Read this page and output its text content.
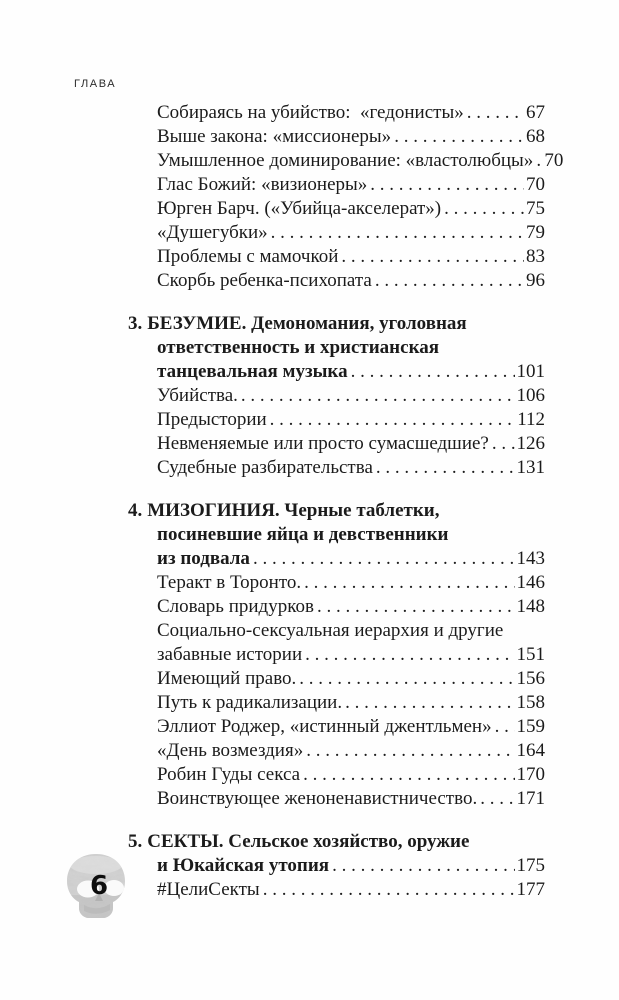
ГЛАВА
Собираясь на убийство:  «гедонисты» . . .	67
Выше закона: «миссионеры» . . .	68
Умышленное доминирование: «властолюбцы» . . . 70
Глас Божий: «визионеры» . . .	70
Юрген Барч. («Убийца-акселерат») . . .	75
«Душегубки» . . .	79
Проблемы с мамочкой . . .	83
Скорбь ребенка-психопата . . .	96
3. БЕЗУМИЕ. Демономания, уголовная
ответственность и христианская
танцевальная музыка . . .	101
Убийства. . . .	106
Предыстории . . .	112
Невменяемые или просто сумасшедшие? . . . 126
Судебные разбирательства . . .	131
4. МИЗОГИНИЯ. Черные таблетки,
посиневшие яйца и девственники
из подвала . . .	143
Теракт в Торонто. . . .	146
Словарь придурков . . .	148
Социально-сексуальная иерархия и другие
забавные истории . . .	151
Имеющий право. . . .	156
Путь к радикализации. . . .	158
Эллиот Роджер, «истинный джентльмен» . . . 159
«День возмездия» . . .	164
Робин Гуды секса . . .	170
Воинствующее женоненавистничество. . . . 171
5. СЕКТЫ. Сельское хозяйство, оружие
и Юкайская утопия . . .	175
#ЦелиСекты . . .	177
6
